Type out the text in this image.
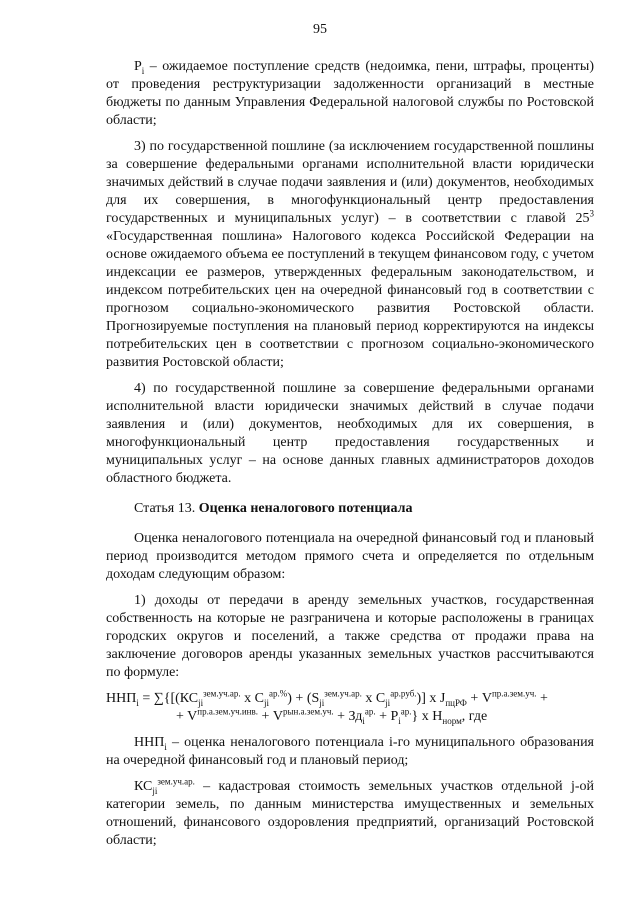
95

$P_i$ – ожидаемое поступление средств (недоимка, пени, штрафы, проценты) от проведения реструктуризации задолженности организаций в местные бюджеты по данным Управления Федеральной налоговой службы по Ростовской области;

3) по государственной пошлине (за исключением государственной пошлины за совершение федеральными органами исполнительной власти юридически значимых действий в случае подачи заявления и (или) документов, необходимых для их совершения, в многофункциональный центр предоставления государственных и муниципальных услуг) – в соответствии с главой $25^3$ «Государственная пошлина» Налогового кодекса Российской Федерации на основе ожидаемого объема ее поступлений в текущем финансовом году, с учетом индексации ее размеров, утвержденных федеральным законодательством, и индексом потребительских цен на очередной финансовый год в соответствии с прогнозом социально-экономического развития Ростовской области. Прогнозируемые поступления на плановый период корректируются на индексы потребительских цен в соответствии с прогнозом социально-экономического развития Ростовской области;

4) по государственной пошлине за совершение федеральными органами исполнительной власти юридически значимых действий в случае подачи заявления и (или) документов, необходимых для их совершения, в многофункциональный центр предоставления государственных и муниципальных услуг – на основе данных главных администраторов доходов областного бюджета.

Статья 13. Оценка неналогового потенциала

Оценка неналогового потенциала на очередной финансовый год и плановый период производится методом прямого счета и определяется по отдельным доходам следующим образом:

1) доходы от передачи в аренду земельных участков, государственная собственность на которые не разграничена и которые расположены в границах городских округов и поселений, а также средства от продажи права на заключение договоров аренды указанных земельных участков рассчитываются по формуле:

$ННП_i = \sum\{[(КС_{ji}^{зем.уч.ар.}$ х $С_{ji}^{ар.\%}) + (S_{ji}^{зем.уч.ар.}$ х $C_{ji}^{ар.руб.}$)] х $J_{пцРФ} + V^{пр.а.зем.уч.}$ +
+ $V^{пр.а.зем.уч.инв.} + V^{рын.а.зем.уч.} + Зд_i^{ар.} + P_i^{ар.}$} х $Н_{норм}$, где

$ННП_i$ – оценка неналогового потенциала i-го муниципального образования на очередной финансовый год и плановый период;

$КС_{ji}^{зем.уч.ар.}$ – кадастровая стоимость земельных участков отдельной j-ой категории земель, по данным министерства имущественных и земельных отношений, финансового оздоровления предприятий, организаций Ростовской области;
